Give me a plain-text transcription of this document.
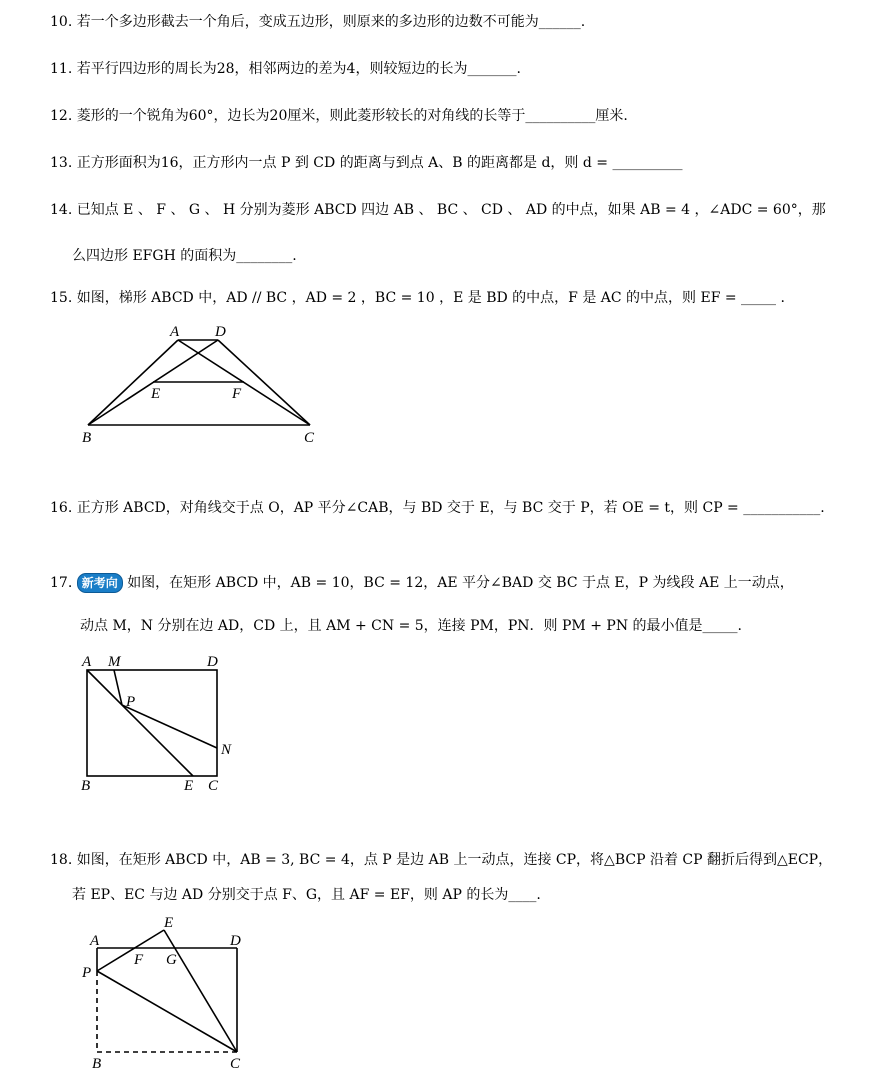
10. 若一个多边形截去一个角后，变成五边形，则原来的多边形的边数不可能为______.
11. 若平行四边形的周长为28，相邻两边的差为4，则较短边的长为_______.
12. 菱形的一个锐角为60°，边长为20厘米，则此菱形较长的对角线的长等于__________厘米.
13. 正方形面积为16，正方形内一点 P 到 CD 的距离与到点 A、B 的距离都是 d，则 d = __________
14. 已知点 E 、 F 、 G 、 H 分别为菱形 ABCD 四边 AB 、 BC 、 CD 、 AD 的中点，如果 AB = 4 ，∠ADC = 60°，那
么四边形 EFGH 的面积为________.
15. 如图，梯形 ABCD 中，AD // BC ，AD = 2 ，BC = 10 ，E 是 BD 的中点，F 是 AC 的中点，则 EF = _____ .
A D
E	F
B	C
16. 正方形 ABCD，对角线交于点 O，AP 平分∠CAB，与 BD 交于 E，与 BC 交于 P，若 OE = t，则 CP = ___________.
17. 新考向 如图，在矩形 ABCD 中，AB = 10，BC = 12，AE 平分∠BAD 交 BC 于点 E，P 为线段 AE 上一动点，
动点 M，N 分别在边 AD，CD 上，且 AM + CN = 5，连接 PM，PN．则 PM + PN 的最小值是_____.
A M	D
P
N
B	E C
18. 如图，在矩形 ABCD 中，AB = 3, BC = 4，点 P 是边 AB 上一动点，连接 CP，将△BCP 沿着 CP 翻折后得到△ECP，
若 EP、EC 与边 AD 分别交于点 F、G，且 AF = EF，则 AP 的长为____.
E
A	D
F G
P
B	C
